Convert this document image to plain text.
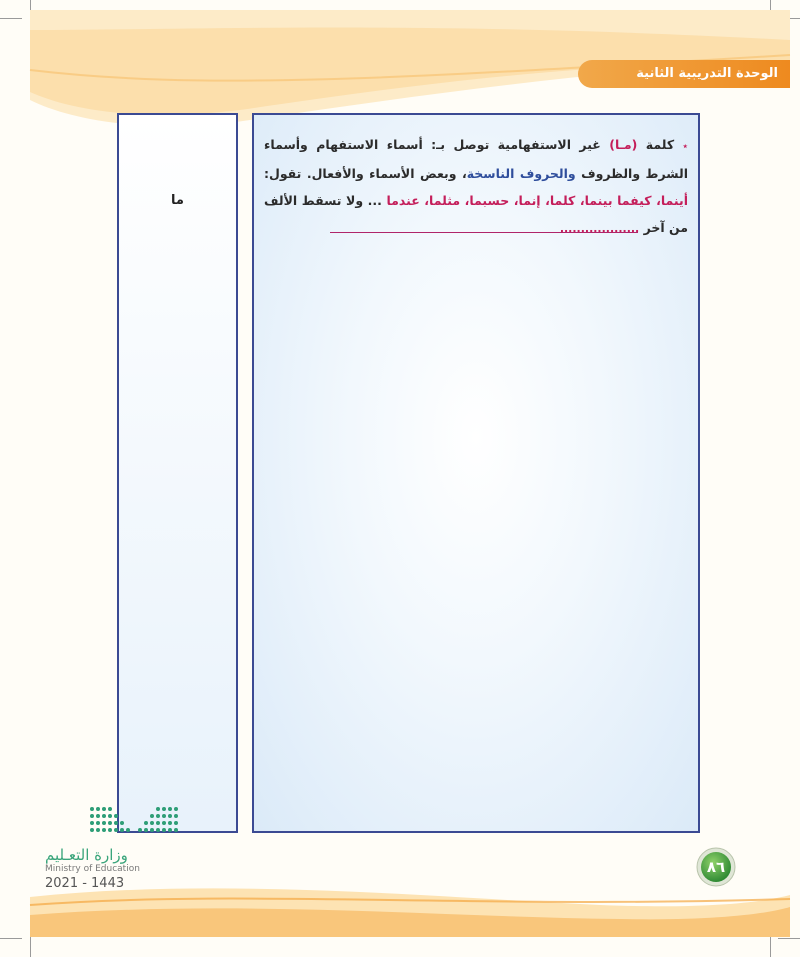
الوحدة التدريبية الثانية
ما
٭ كلمة (مـا) غير الاستفهامية توصل بـ: أسماء الاستفهام وأسماء الشرط والظروف والحروف الناسخة، وبعض الأسماء والأفعال. تقول: أينما، كيفما بينما، كلما، إنما، حسبما، مثلما، عندما ... ولا تسقط الألف من آخر ...................
وزارة التعـليم
Ministry of Education
2021 - 1443
٨٦
